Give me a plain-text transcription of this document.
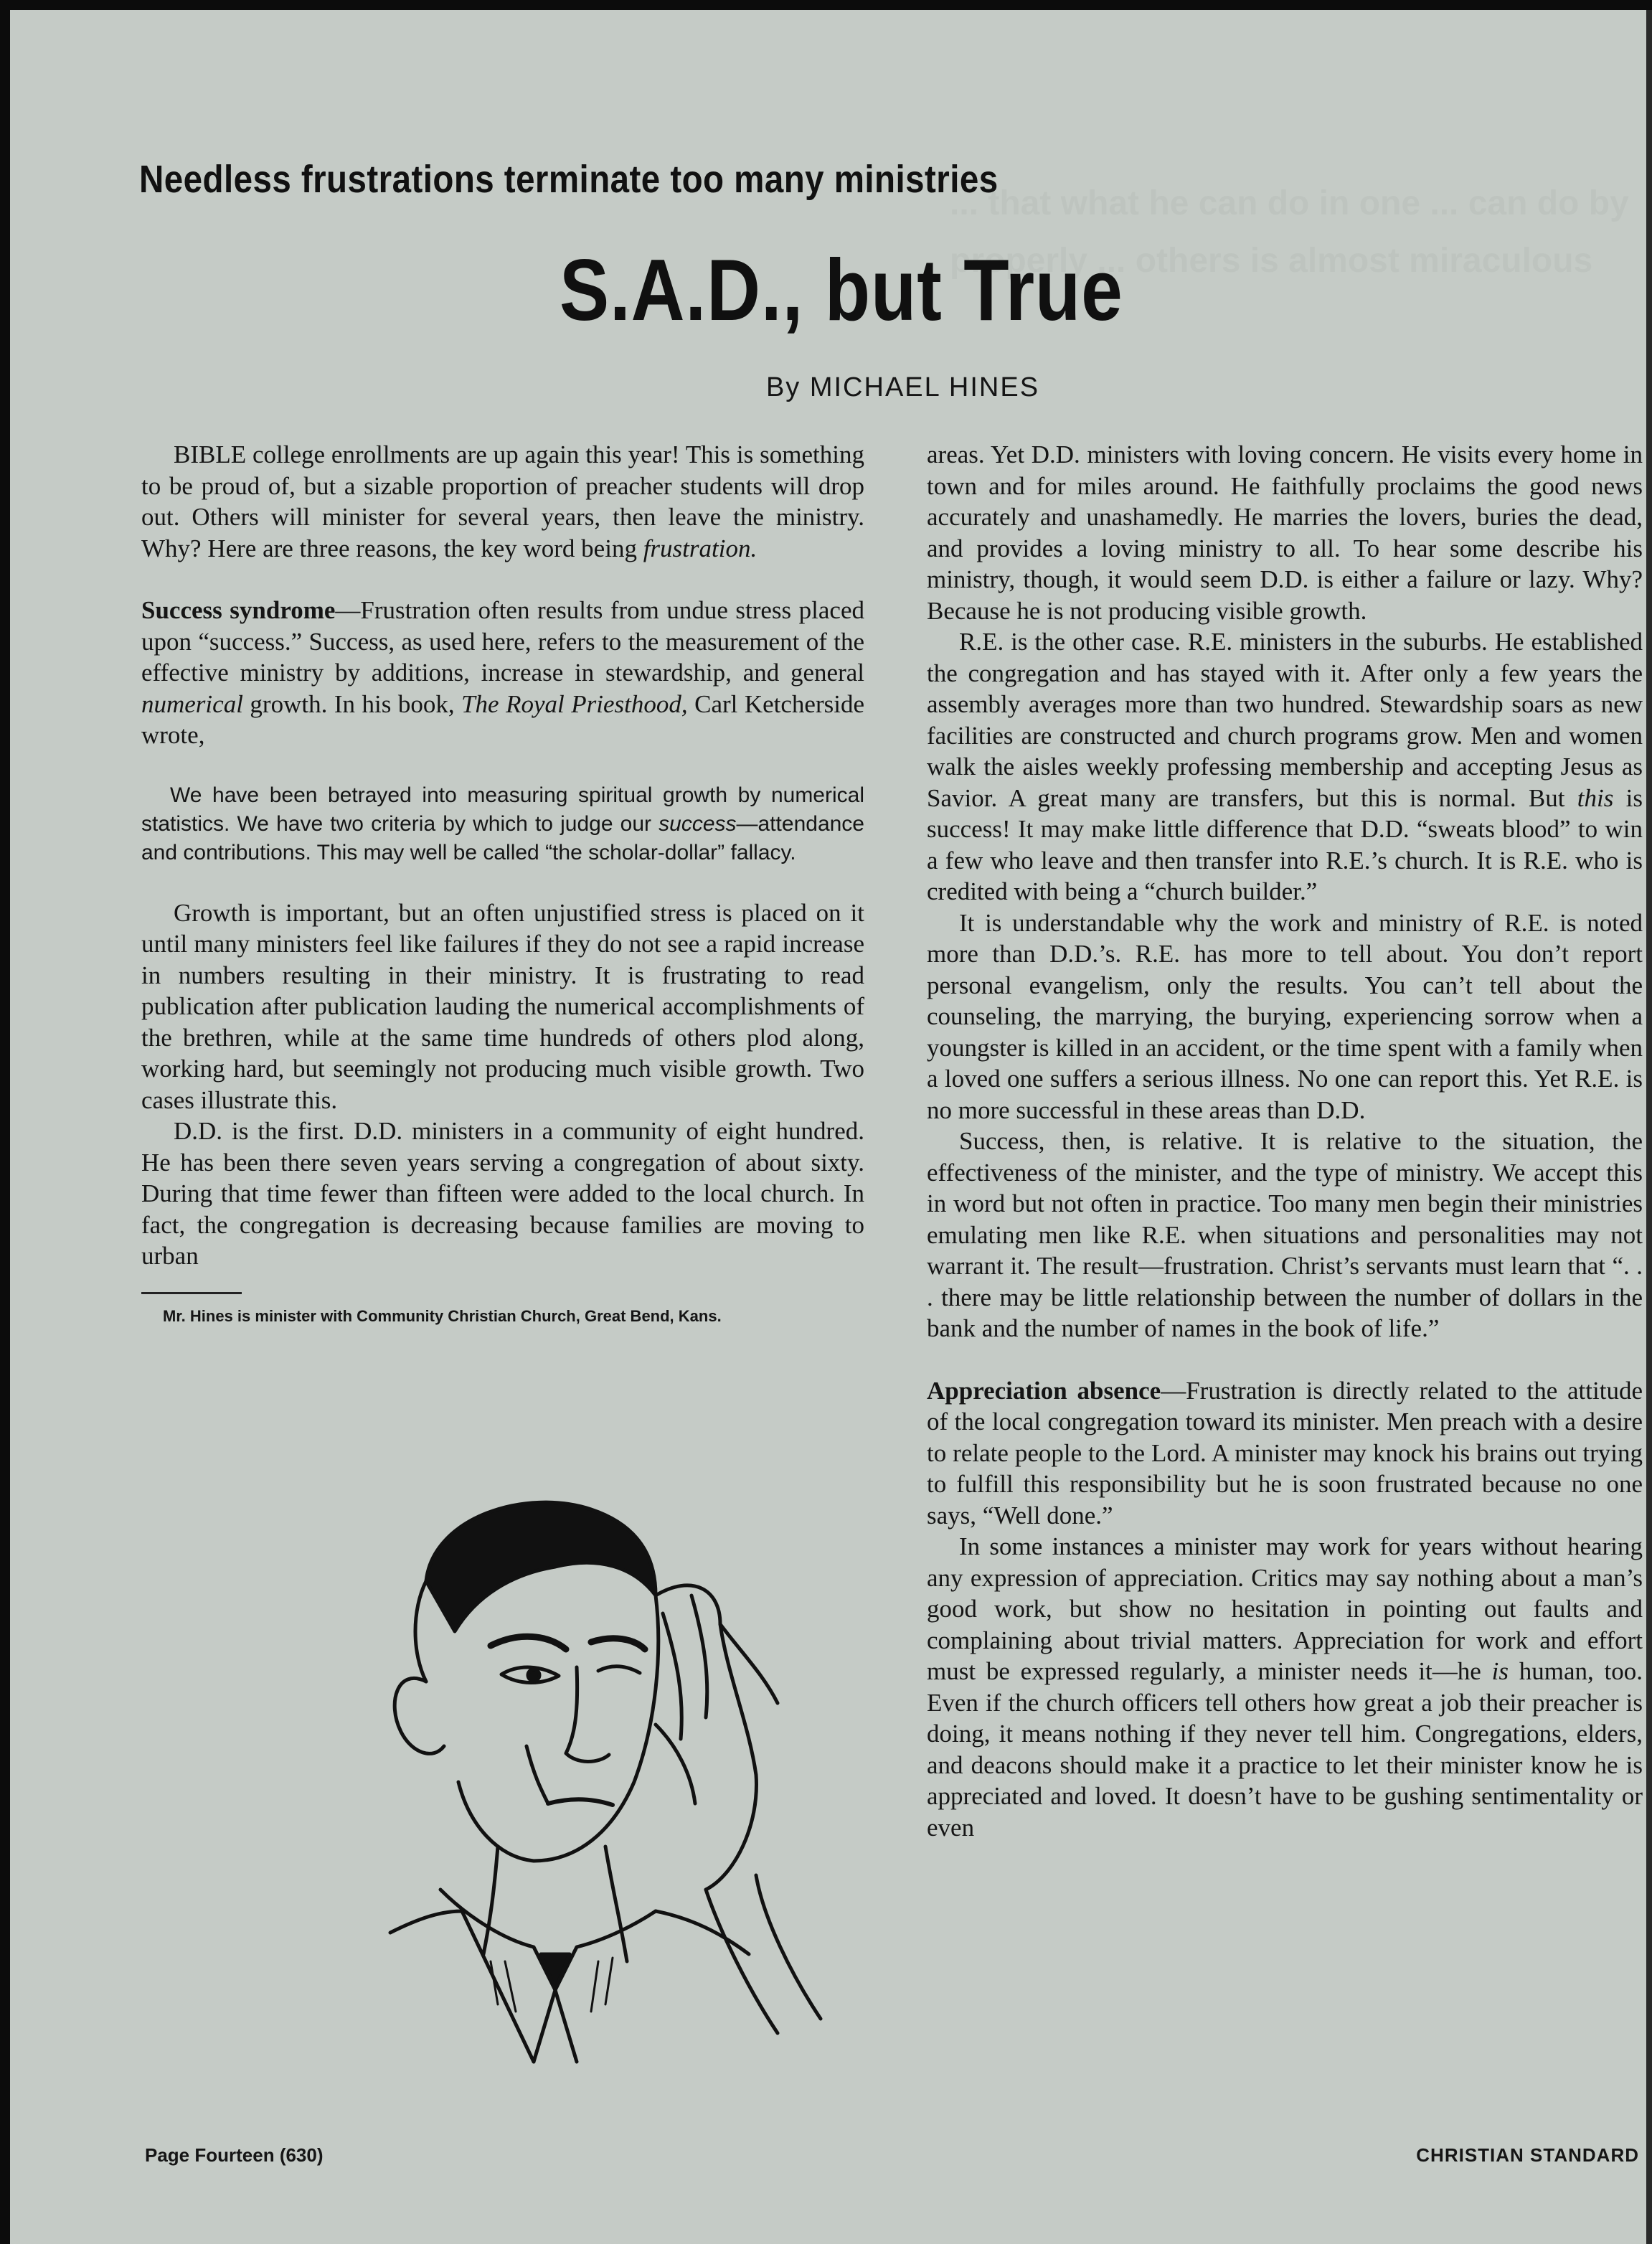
... that what he can do in one ... can do by properly ... others is almost miraculous
Needless frustrations terminate too many ministries
S.A.D., but True
By MICHAEL HINES

BIBLE college enrollments are up again this year! This is something to be proud of, but a sizable proportion of preacher students will drop out. Others will minister for several years, then leave the ministry. Why? Here are three reasons, the key word being frustration.

Success syndrome—Frustration often results from undue stress placed upon “success.” Success, as used here, refers to the measurement of the effective ministry by additions, increase in stewardship, and general numerical growth. In his book, The Royal Priesthood, Carl Ketcherside wrote,

We have been betrayed into measuring spiritual growth by numerical statistics. We have two criteria by which to judge our success—attendance and contributions. This may well be called “the scholar-dollar” fallacy.

Growth is important, but an often unjustified stress is placed on it until many ministers feel like failures if they do not see a rapid increase in numbers resulting in their ministry. It is frustrating to read publication after publication lauding the numerical accomplishments of the brethren, while at the same time hundreds of others plod along, working hard, but seemingly not producing much visible growth. Two cases illustrate this.

D.D. is the first. D.D. ministers in a community of eight hundred. He has been there seven years serving a congregation of about sixty. During that time fewer than fifteen were added to the local church. In fact, the congregation is decreasing because families are moving to urban

Mr. Hines is minister with Community Christian Church, Great Bend, Kans.

areas. Yet D.D. ministers with loving concern. He visits every home in town and for miles around. He faithfully proclaims the good news accurately and unashamedly. He marries the lovers, buries the dead, and provides a loving ministry to all. To hear some describe his ministry, though, it would seem D.D. is either a failure or lazy. Why? Because he is not producing visible growth.

R.E. is the other case. R.E. ministers in the suburbs. He established the congregation and has stayed with it. After only a few years the assembly averages more than two hundred. Stewardship soars as new facilities are constructed and church programs grow. Men and women walk the aisles weekly professing membership and accepting Jesus as Savior. A great many are transfers, but this is normal. But this is success! It may make little difference that D.D. “sweats blood” to win a few who leave and then transfer into R.E.’s church. It is R.E. who is credited with being a “church builder.”

It is understandable why the work and ministry of R.E. is noted more than D.D.’s. R.E. has more to tell about. You don’t report personal evangelism, only the results. You can’t tell about the counseling, the marrying, the burying, experiencing sorrow when a youngster is killed in an accident, or the time spent with a family when a loved one suffers a serious illness. No one can report this. Yet R.E. is no more successful in these areas than D.D.

Success, then, is relative. It is relative to the situation, the effectiveness of the minister, and the type of ministry. We accept this in word but not often in practice. Too many men begin their ministries emulating men like R.E. when situations and personalities may not warrant it. The result—frustration. Christ’s servants must learn that “. . . there may be little relationship between the number of dollars in the bank and the number of names in the book of life.”

Appreciation absence—Frustration is directly related to the attitude of the local congregation toward its minister. Men preach with a desire to relate people to the Lord. A minister may knock his brains out trying to fulfill this responsibility but he is soon frustrated because no one says, “Well done.”

In some instances a minister may work for years without hearing any expression of appreciation. Critics may say nothing about a man’s good work, but show no hesitation in pointing out faults and complaining about trivial matters. Appreciation for work and effort must be expressed regularly, a minister needs it—he is human, too. Even if the church officers tell others how great a job their preacher is doing, it means nothing if they never tell him. Congregations, elders, and deacons should make it a practice to let their minister know he is appreciated and loved. It doesn’t have to be gushing sentimentality or even

Page Fourteen (630)	CHRISTIAN STANDARD
